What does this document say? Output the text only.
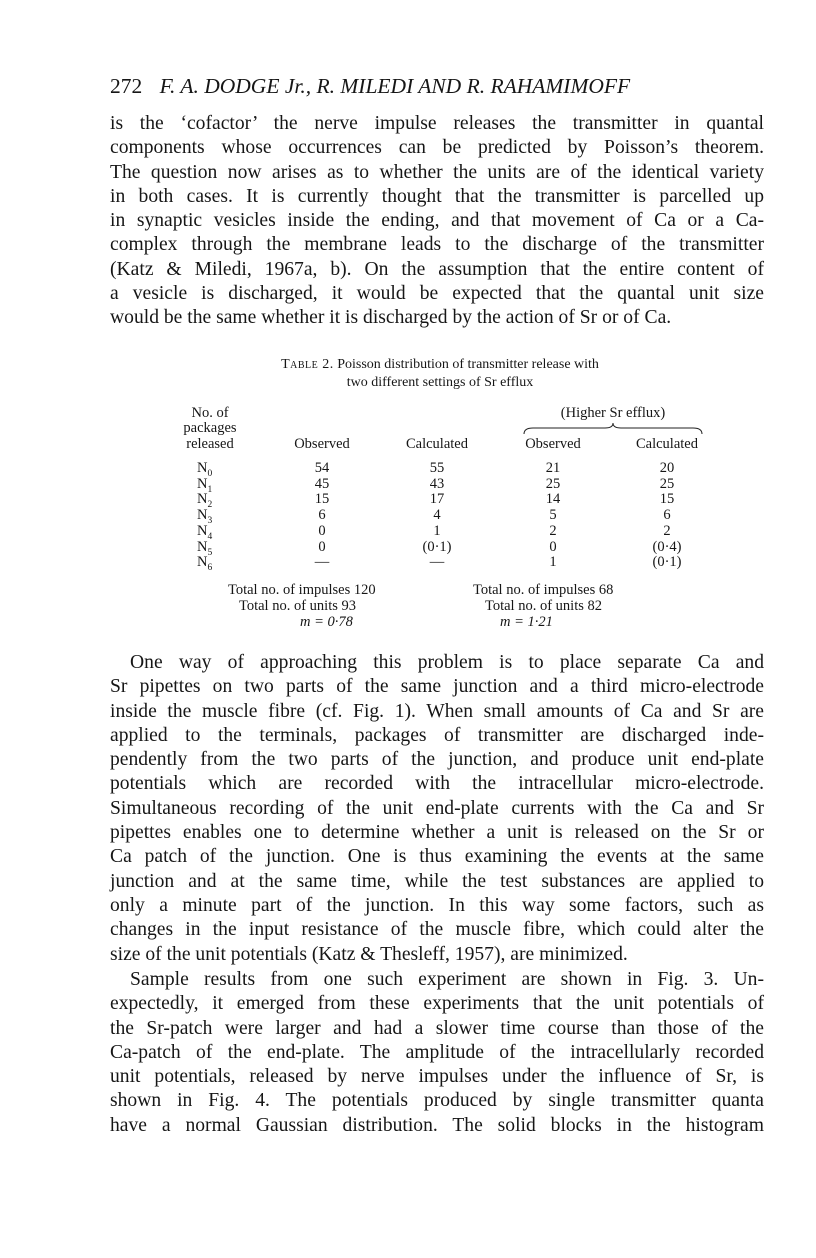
272 F. A. DODGE Jr., R. MILEDI AND R. RAHAMIMOFF
is the ‘cofactor’ the nerve impulse releases the transmitter in quantal
components whose occurrences can be predicted by Poisson’s theorem.
The question now arises as to whether the units are of the identical variety
in both cases. It is currently thought that the transmitter is parcelled up
in synaptic vesicles inside the ending, and that movement of Ca or a Ca-
complex through the membrane leads to the discharge of the transmitter
(Katz & Miledi, 1967a, b). On the assumption that the entire content of
a vesicle is discharged, it would be expected that the quantal unit size
would be the same whether it is discharged by the action of Sr or of Ca.
Table 2. Poisson distribution of transmitter release with
two different settings of Sr efflux
No. of
packages
released
(Higher Sr efflux)
Observed	Calculated	Observed	Calculated
$N_0$	54	55	21	20
$N_1$	45	43	25	25
$N_2$	15	17	14	15
$N_3$	6	4	5	6
$N_4$	0	1	2	2
$N_5$	0	(0·1)	0	(0·4)
$N_6$	—	—	1	(0·1)
Total no. of impulses 120
Total no. of units 93
m = 0·78
Total no. of impulses 68
Total no. of units 82
m = 1·21
One way of approaching this problem is to place separate Ca and
Sr pipettes on two parts of the same junction and a third micro-electrode
inside the muscle fibre (cf. Fig. 1). When small amounts of Ca and Sr are
applied to the terminals, packages of transmitter are discharged inde-
pendently from the two parts of the junction, and produce unit end-plate
potentials which are recorded with the intracellular micro-electrode.
Simultaneous recording of the unit end-plate currents with the Ca and Sr
pipettes enables one to determine whether a unit is released on the Sr or
Ca patch of the junction. One is thus examining the events at the same
junction and at the same time, while the test substances are applied to
only a minute part of the junction. In this way some factors, such as
changes in the input resistance of the muscle fibre, which could alter the
size of the unit potentials (Katz & Thesleff, 1957), are minimized.
Sample results from one such experiment are shown in Fig. 3. Un-
expectedly, it emerged from these experiments that the unit potentials of
the Sr-patch were larger and had a slower time course than those of the
Ca-patch of the end-plate. The amplitude of the intracellularly recorded
unit potentials, released by nerve impulses under the influence of Sr, is
shown in Fig. 4. The potentials produced by single transmitter quanta
have a normal Gaussian distribution. The solid blocks in the histogram
